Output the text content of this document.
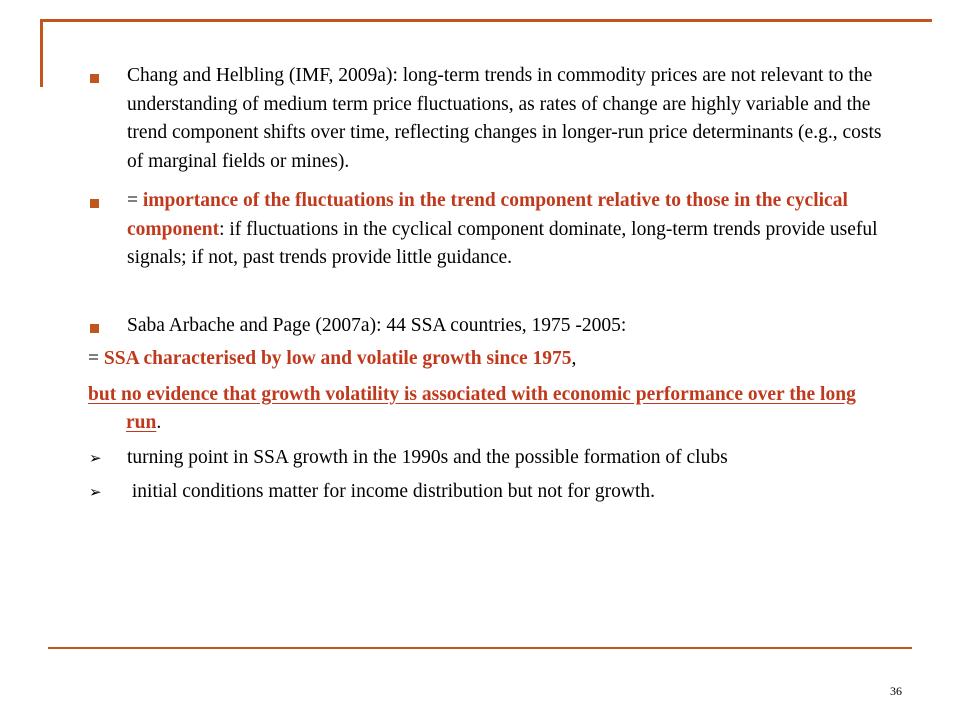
Chang and Helbling (IMF, 2009a): long-term trends in commodity prices are not relevant to the understanding of medium term price fluctuations, as rates of change are highly variable and the trend component shifts over time, reflecting changes in longer-run price determinants (e.g., costs of marginal fields or mines).
= importance of the fluctuations in the trend component relative to those in the cyclical component: if fluctuations in the cyclical component dominate, long-term trends provide useful signals; if not, past trends provide little guidance.
Saba Arbache and Page (2007a): 44 SSA countries, 1975 -2005:
= SSA characterised by low and volatile growth since 1975,
but no evidence that growth volatility is associated with economic performance over the long run.
➢ turning point in SSA growth in the 1990s and the possible formation of clubs
➢ initial conditions matter for income distribution but not for growth.
36
